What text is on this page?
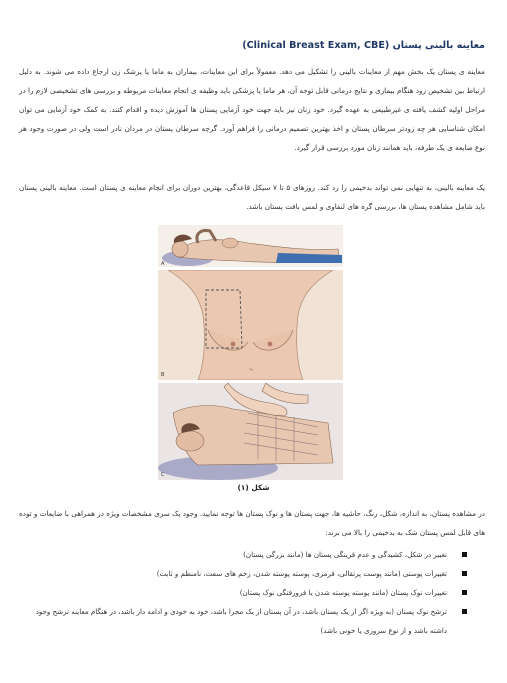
معاینه بالینی پستان (Clinical Breast Exam, CBE)
معاینه ی پستان یک بخش مهم از معاینات بالینی را تشکیل می دهد. معمولاً برای این معاینات، بیماران به ماما یا پزشک زن ارجاع داده می شوند. به دلیل ارتباط بین تشخیص زود هنگام بیماری و نتایج درمانی قابل توجه آن، هر ماما یا پزشکی باید وظیفه ی انجام معاینات مربوطه و بررسی های تشخیصی لازم را در مراحل اولیه کشف یافته ی غیرطبیعی به عهده گیرد. خود زنان نیز باید جهت خود آزمایی پستان ها آموزش دیده و اقدام کنند. به کمک خود آزمایی می توان امکان شناسایی هر چه زودتر سرطان پستان و اخذ بهترین تصمیم درمانی را فراهم آورد. گرچه سرطان پستان در مردان نادر است ولی در صورت وجود هر نوع ضایعه ی یک طرفه، باید همانند زنان مورد بررسی قرار گیرد.
یک معاینه بالینی، به تنهایی نمی تواند بدخیمی را رد کند. روزهای ۵ تا ۷ سیکل قاعدگی، بهترین دوران برای انجام معاینه ی پستان است. معاینه بالینی پستان باید شامل مشاهده پستان ها، بررسی گره های لنفاوی و لمس بافت پستان باشد.
A
B
C
شکل (۱)
در مشاهده پستان، به اندازه، شکل، رنگ، حاشیه ها، جهت پستان ها و نوک پستان ها توجه نمایید. وجود یک سری مشخصات ویژه در همراهی با ضایعات و توده های قابل لمس پستان شک به بدخیمی را بالا می برند:
تغییر در شکل، کشیدگی و عدم قرینگی پستان ها (مانند بزرگی پستان)
تغییرات پوستی (مانند پوست پرتقالی، قرمزی، پوسته پوسته شدن، زخم های سفت، نامنظم و ثابت)
تغییرات نوک پستان (مانند پوسته پوسته شدن یا فرورفتگی نوک پستان)
ترشح نوک پستان (به ویژه اگر از یک پستان باشد، در آن پستان از یک مجرا باشد، خود به خودی و ادامه دار باشد، در هنگام معاینه ترشح وجود داشته باشد و از نوع سروزی یا خونی باشد)
